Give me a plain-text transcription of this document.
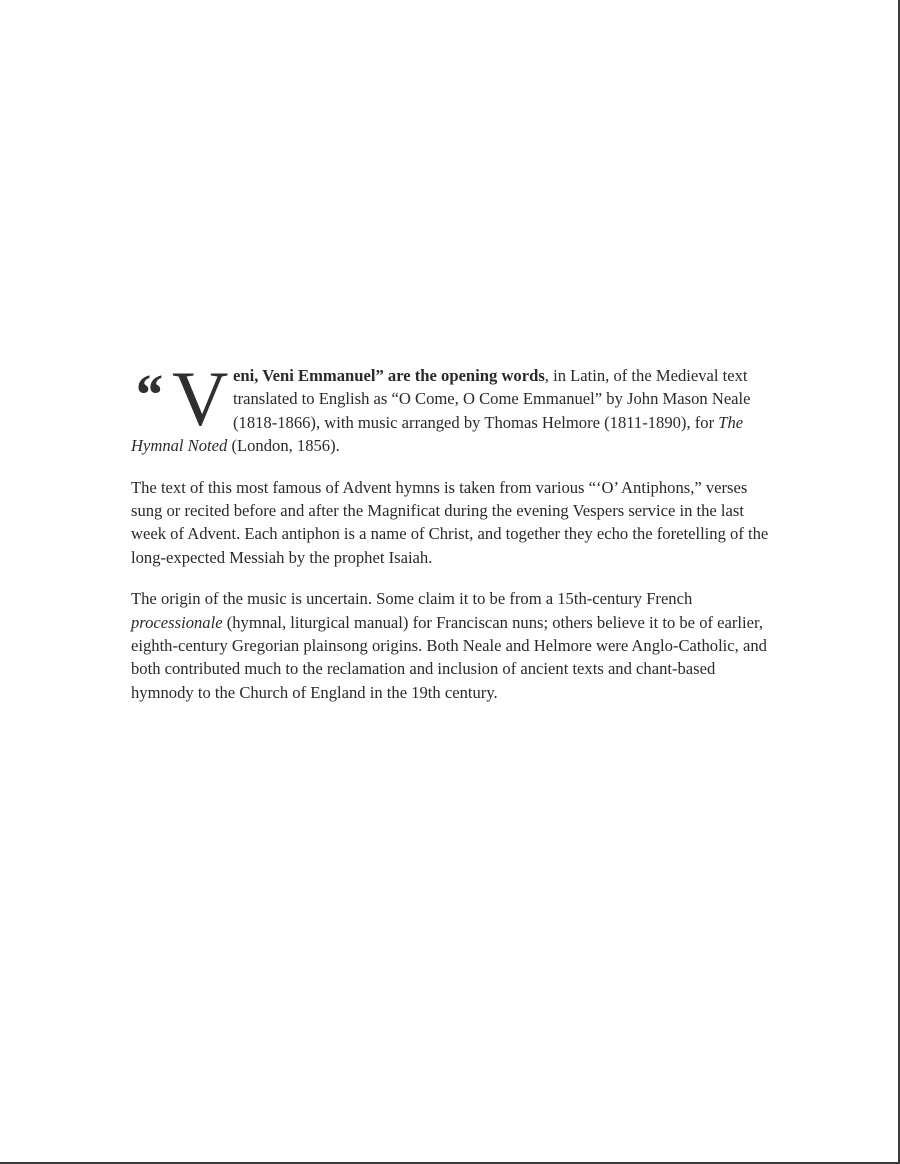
“ V eni, Veni Emmanuel” are the opening words, in Latin, of the Medieval text translated to English as “O Come, O Come Emmanuel” by John Mason Neale (1818-1866), with music arranged by Thomas Helmore (1811-1890), for The Hymnal Noted (London, 1856).

The text of this most famous of Advent hymns is taken from various “‘O’ Antiphons,” verses sung or recited before and after the Magnificat during the evening Vespers service in the last week of Advent. Each antiphon is a name of Christ, and together they echo the foretelling of the long-expected Messiah by the prophet Isaiah.

The origin of the music is uncertain. Some claim it to be from a 15th-century French processionale (hymnal, liturgical manual) for Franciscan nuns; others believe it to be of earlier, eighth-century Gregorian plainsong origins. Both Neale and Helmore were Anglo-Catholic, and both contributed much to the reclamation and inclusion of ancient texts and chant-based hymnody to the Church of England in the 19th century.
